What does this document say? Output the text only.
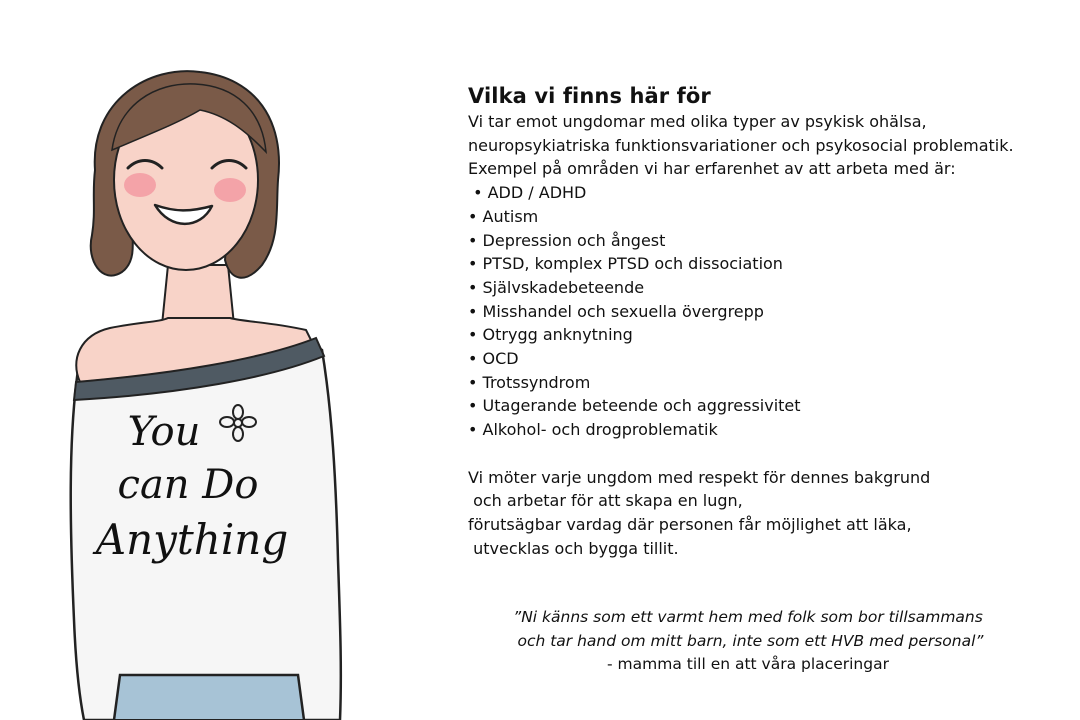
You
can Do
Anything
Vilka vi finns här för
Vi tar emot ungdomar med olika typer av psykisk ohälsa,
neuropsykiatriska funktionsvariationer och psykosocial problematik.
Exempel på områden vi har erfarenhet av att arbeta med är:
• ADD / ADHD
• Autism
• Depression och ångest
• PTSD, komplex PTSD och dissociation
• Självskadebeteende
• Misshandel och sexuella övergrepp
• Otrygg anknytning
• OCD
• Trotssyndrom
• Utagerande beteende och aggressivitet
• Alkohol- och drogproblematik
Vi möter varje ungdom med respekt för dennes bakgrund
och arbetar för att skapa en lugn,
förutsägbar vardag där personen får möjlighet att läka,
utvecklas och bygga tillit.
”Ni känns som ett varmt hem med folk som bor tillsammans
och tar hand om mitt barn, inte som ett HVB med personal”
- mamma till en att våra placeringar
